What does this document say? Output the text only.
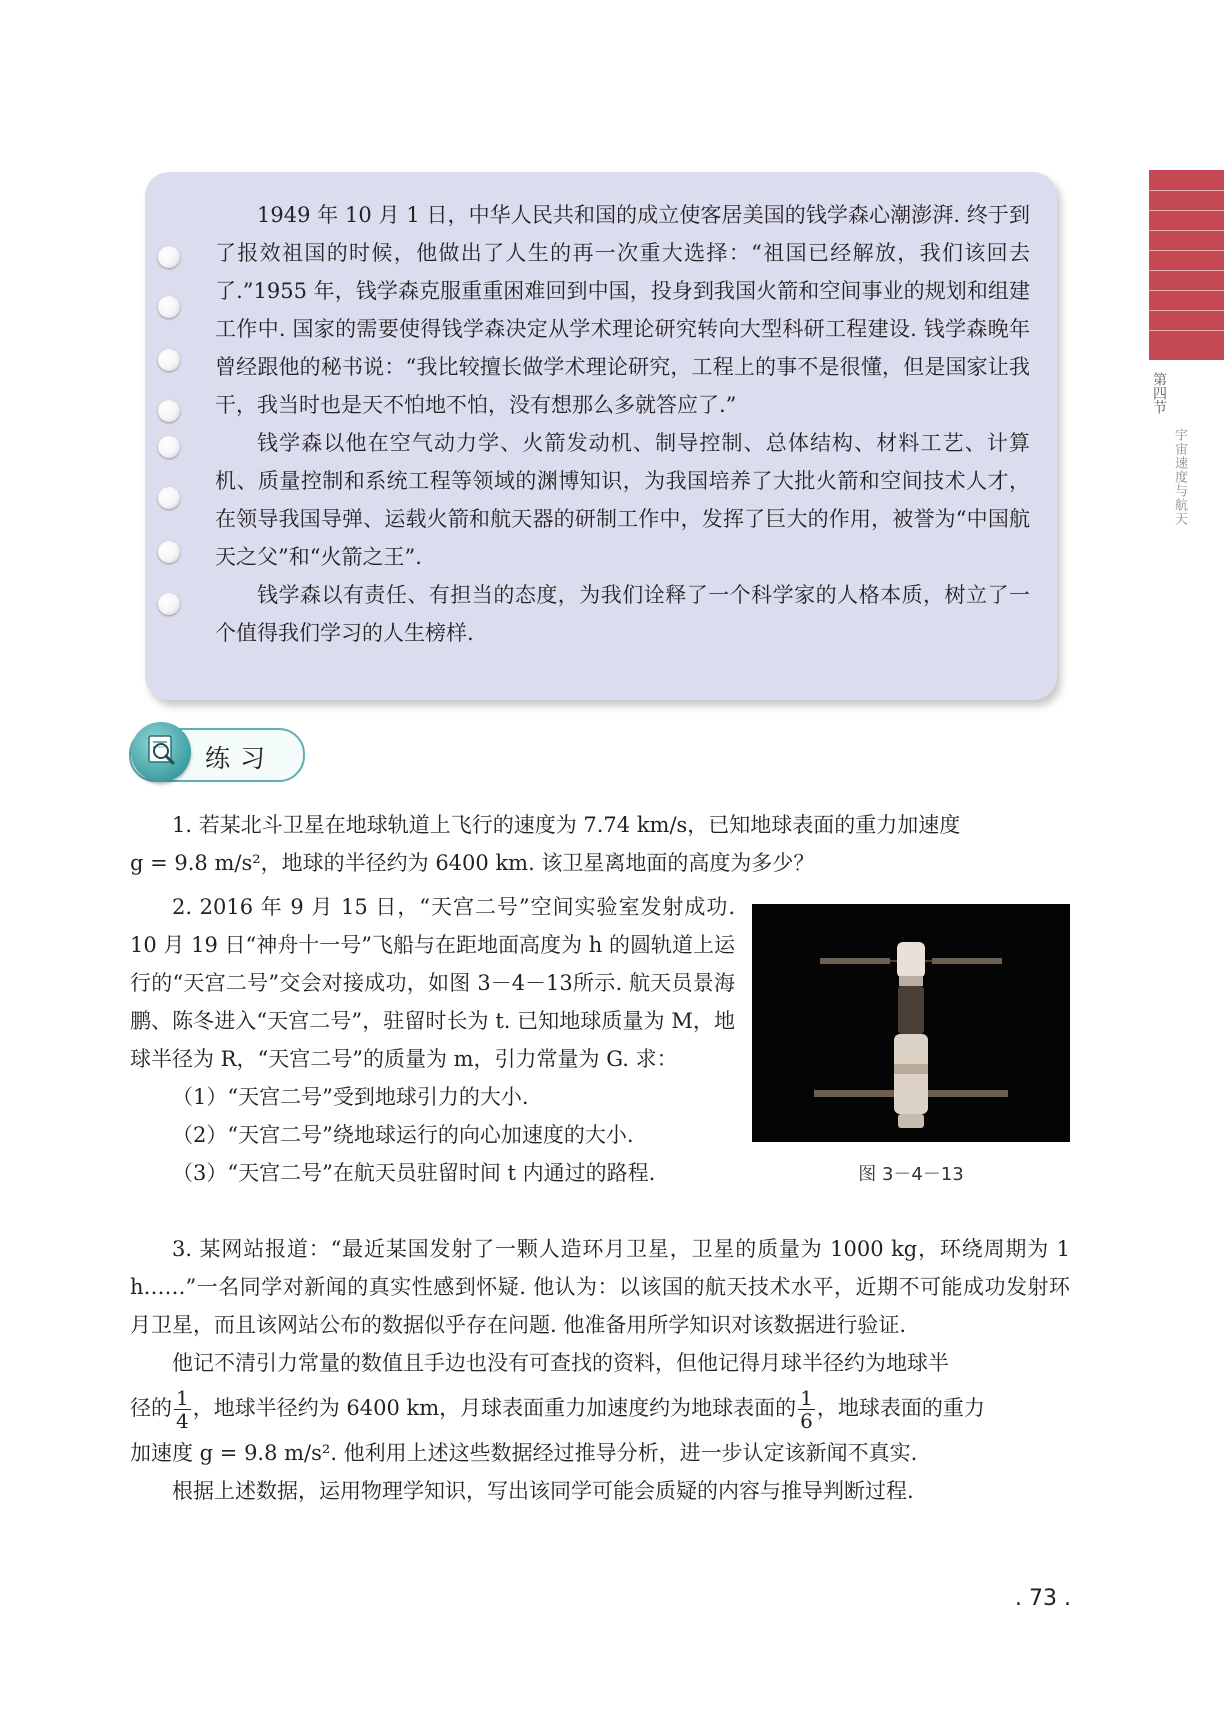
第四节
宇宙速度与航天

1949 年 10 月 1 日，中华人民共和国的成立使客居美国的钱学森心潮澎湃. 终于到了报效祖国的时候，他做出了人生的再一次重大选择：“祖国已经解放，我们该回去了.”1955 年，钱学森克服重重困难回到中国，投身到我国火箭和空间事业的规划和组建工作中. 国家的需要使得钱学森决定从学术理论研究转向大型科研工程建设. 钱学森晚年曾经跟他的秘书说：“我比较擅长做学术理论研究，工程上的事不是很懂，但是国家让我干，我当时也是天不怕地不怕，没有想那么多就答应了.”

钱学森以他在空气动力学、火箭发动机、制导控制、总体结构、材料工艺、计算机、质量控制和系统工程等领域的渊博知识，为我国培养了大批火箭和空间技术人才，在领导我国导弹、运载火箭和航天器的研制工作中，发挥了巨大的作用，被誉为“中国航天之父”和“火箭之王”.

钱学森以有责任、有担当的态度，为我们诠释了一个科学家的人格本质，树立了一个值得我们学习的人生榜样.

练习

1. 若某北斗卫星在地球轨道上飞行的速度为 7.74 km/s，已知地球表面的重力加速度

g = 9.8 m/s²，地球的半径约为 6400 km. 该卫星离地面的高度为多少？

2. 2016 年 9 月 15 日，“天宫二号”空间实验室发射成功. 10 月 19 日“神舟十一号”飞船与在距地面高度为 h 的圆轨道上运行的“天宫二号”交会对接成功，如图 3－4－13所示. 航天员景海鹏、陈冬进入“天宫二号”，驻留时长为 t. 已知地球质量为 M，地球半径为 R，“天宫二号”的质量为 m，引力常量为 G. 求：

（1）“天宫二号”受到地球引力的大小.

（2）“天宫二号”绕地球运行的向心加速度的大小.

（3）“天宫二号”在航天员驻留时间 t 内通过的路程.	图 3－4－13

3. 某网站报道：“最近某国发射了一颗人造环月卫星，卫星的质量为 1000 kg，环绕周期为 1 h……”一名同学对新闻的真实性感到怀疑. 他认为：以该国的航天技术水平，近期不可能成功发射环月卫星，而且该网站公布的数据似乎存在问题. 他准备用所学知识对该数据进行验证.

他记不清引力常量的数值且手边也没有可查找的资料，但他记得月球半径约为地球半

径的 $\frac{1}{4}$ ，地球半径约为 6400 km，月球表面重力加速度约为地球表面的 $\frac{1}{6}$ ，地球表面的重力

加速度 g = 9.8 m/s². 他利用上述这些数据经过推导分析，进一步认定该新闻不真实.

根据上述数据，运用物理学知识，写出该同学可能会质疑的内容与推导判断过程.

. 73 .
